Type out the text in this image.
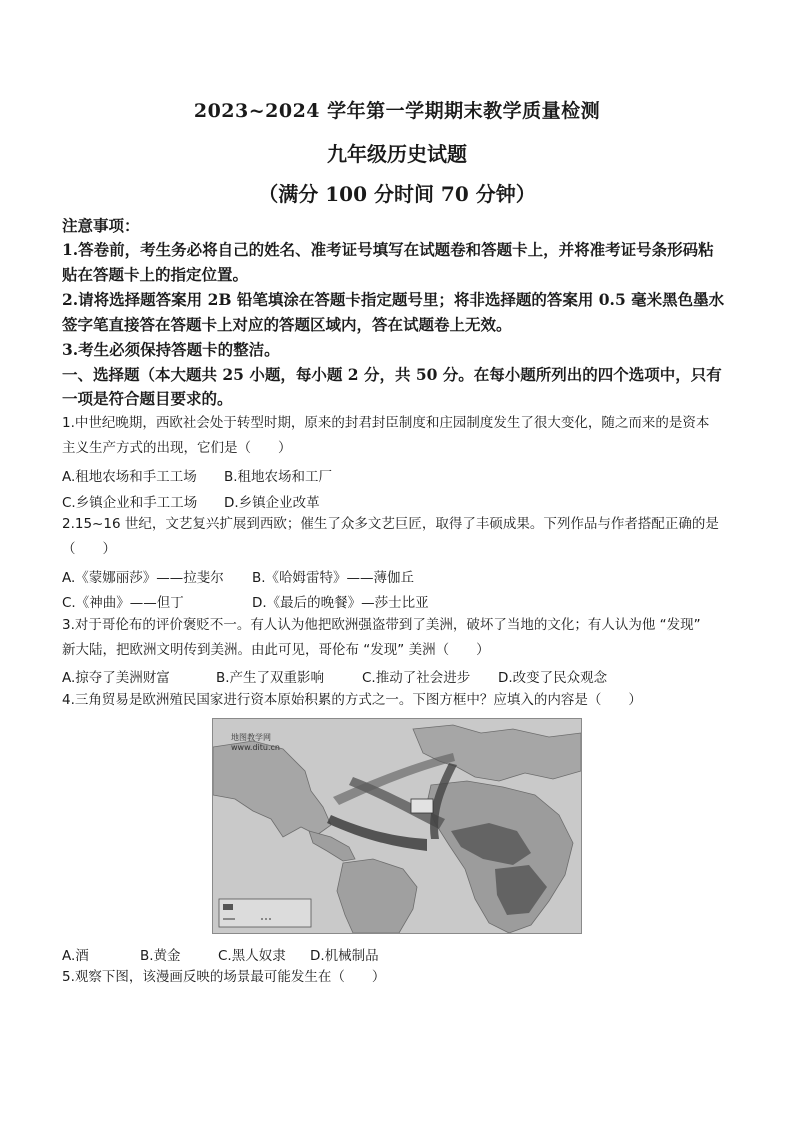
2023~2024 学年第一学期期末教学质量检测
九年级历史试题
（满分 100 分时间 70 分钟）
注意事项：
1.答卷前，考生务必将自己的姓名、准考证号填写在试题卷和答题卡上，并将准考证号条形码粘
贴在答题卡上的指定位置。
2.请将选择题答案用 2B 铅笔填涂在答题卡指定题号里；将非选择题的答案用 0.5 毫米黑色墨水
签字笔直接答在答题卡上对应的答题区域内，答在试题卷上无效。
3.考生必须保持答题卡的整洁。
一、选择题（本大题共 25 小题，每小题 2 分，共 50 分。在每小题所列出的四个选项中，只有
一项是符合题目要求的。
1.中世纪晚期，西欧社会处于转型时期，原来的封君封臣制度和庄园制度发生了很大变化，随之而来的是资本
主义生产方式的出现，它们是（　　）
A.租地农场和手工工场 B.租地农场和工厂
C.乡镇企业和手工工场 D.乡镇企业改革
2.15~16 世纪，文艺复兴扩展到西欧；催生了众多文艺巨匠，取得了丰硕成果。下列作品与作者搭配正确的是
（　　）
A.《蒙娜丽莎》——拉斐尔 B.《哈姆雷特》——薄伽丘
C.《神曲》——但丁	D.《最后的晚餐》—莎士比亚
3.对于哥伦布的评价褒贬不一。有人认为他把欧洲强盗带到了美洲，破坏了当地的文化；有人认为他 “发现”
新大陆，把欧洲文明传到美洲。由此可见，哥伦布 “发现” 美洲（　　）
A.掠夺了美洲财富	B.产生了双重影响	C.推动了社会进步 D.改变了民众观念
4.三角贸易是欧洲殖民国家进行资本原始积累的方式之一。下图方框中？应填入的内容是（　　）
地图教学网
www.ditu.cn
A.酒	B.黄金	C.黑人奴隶 D.机械制品
5.观察下图，该漫画反映的场景最可能发生在（　　）
